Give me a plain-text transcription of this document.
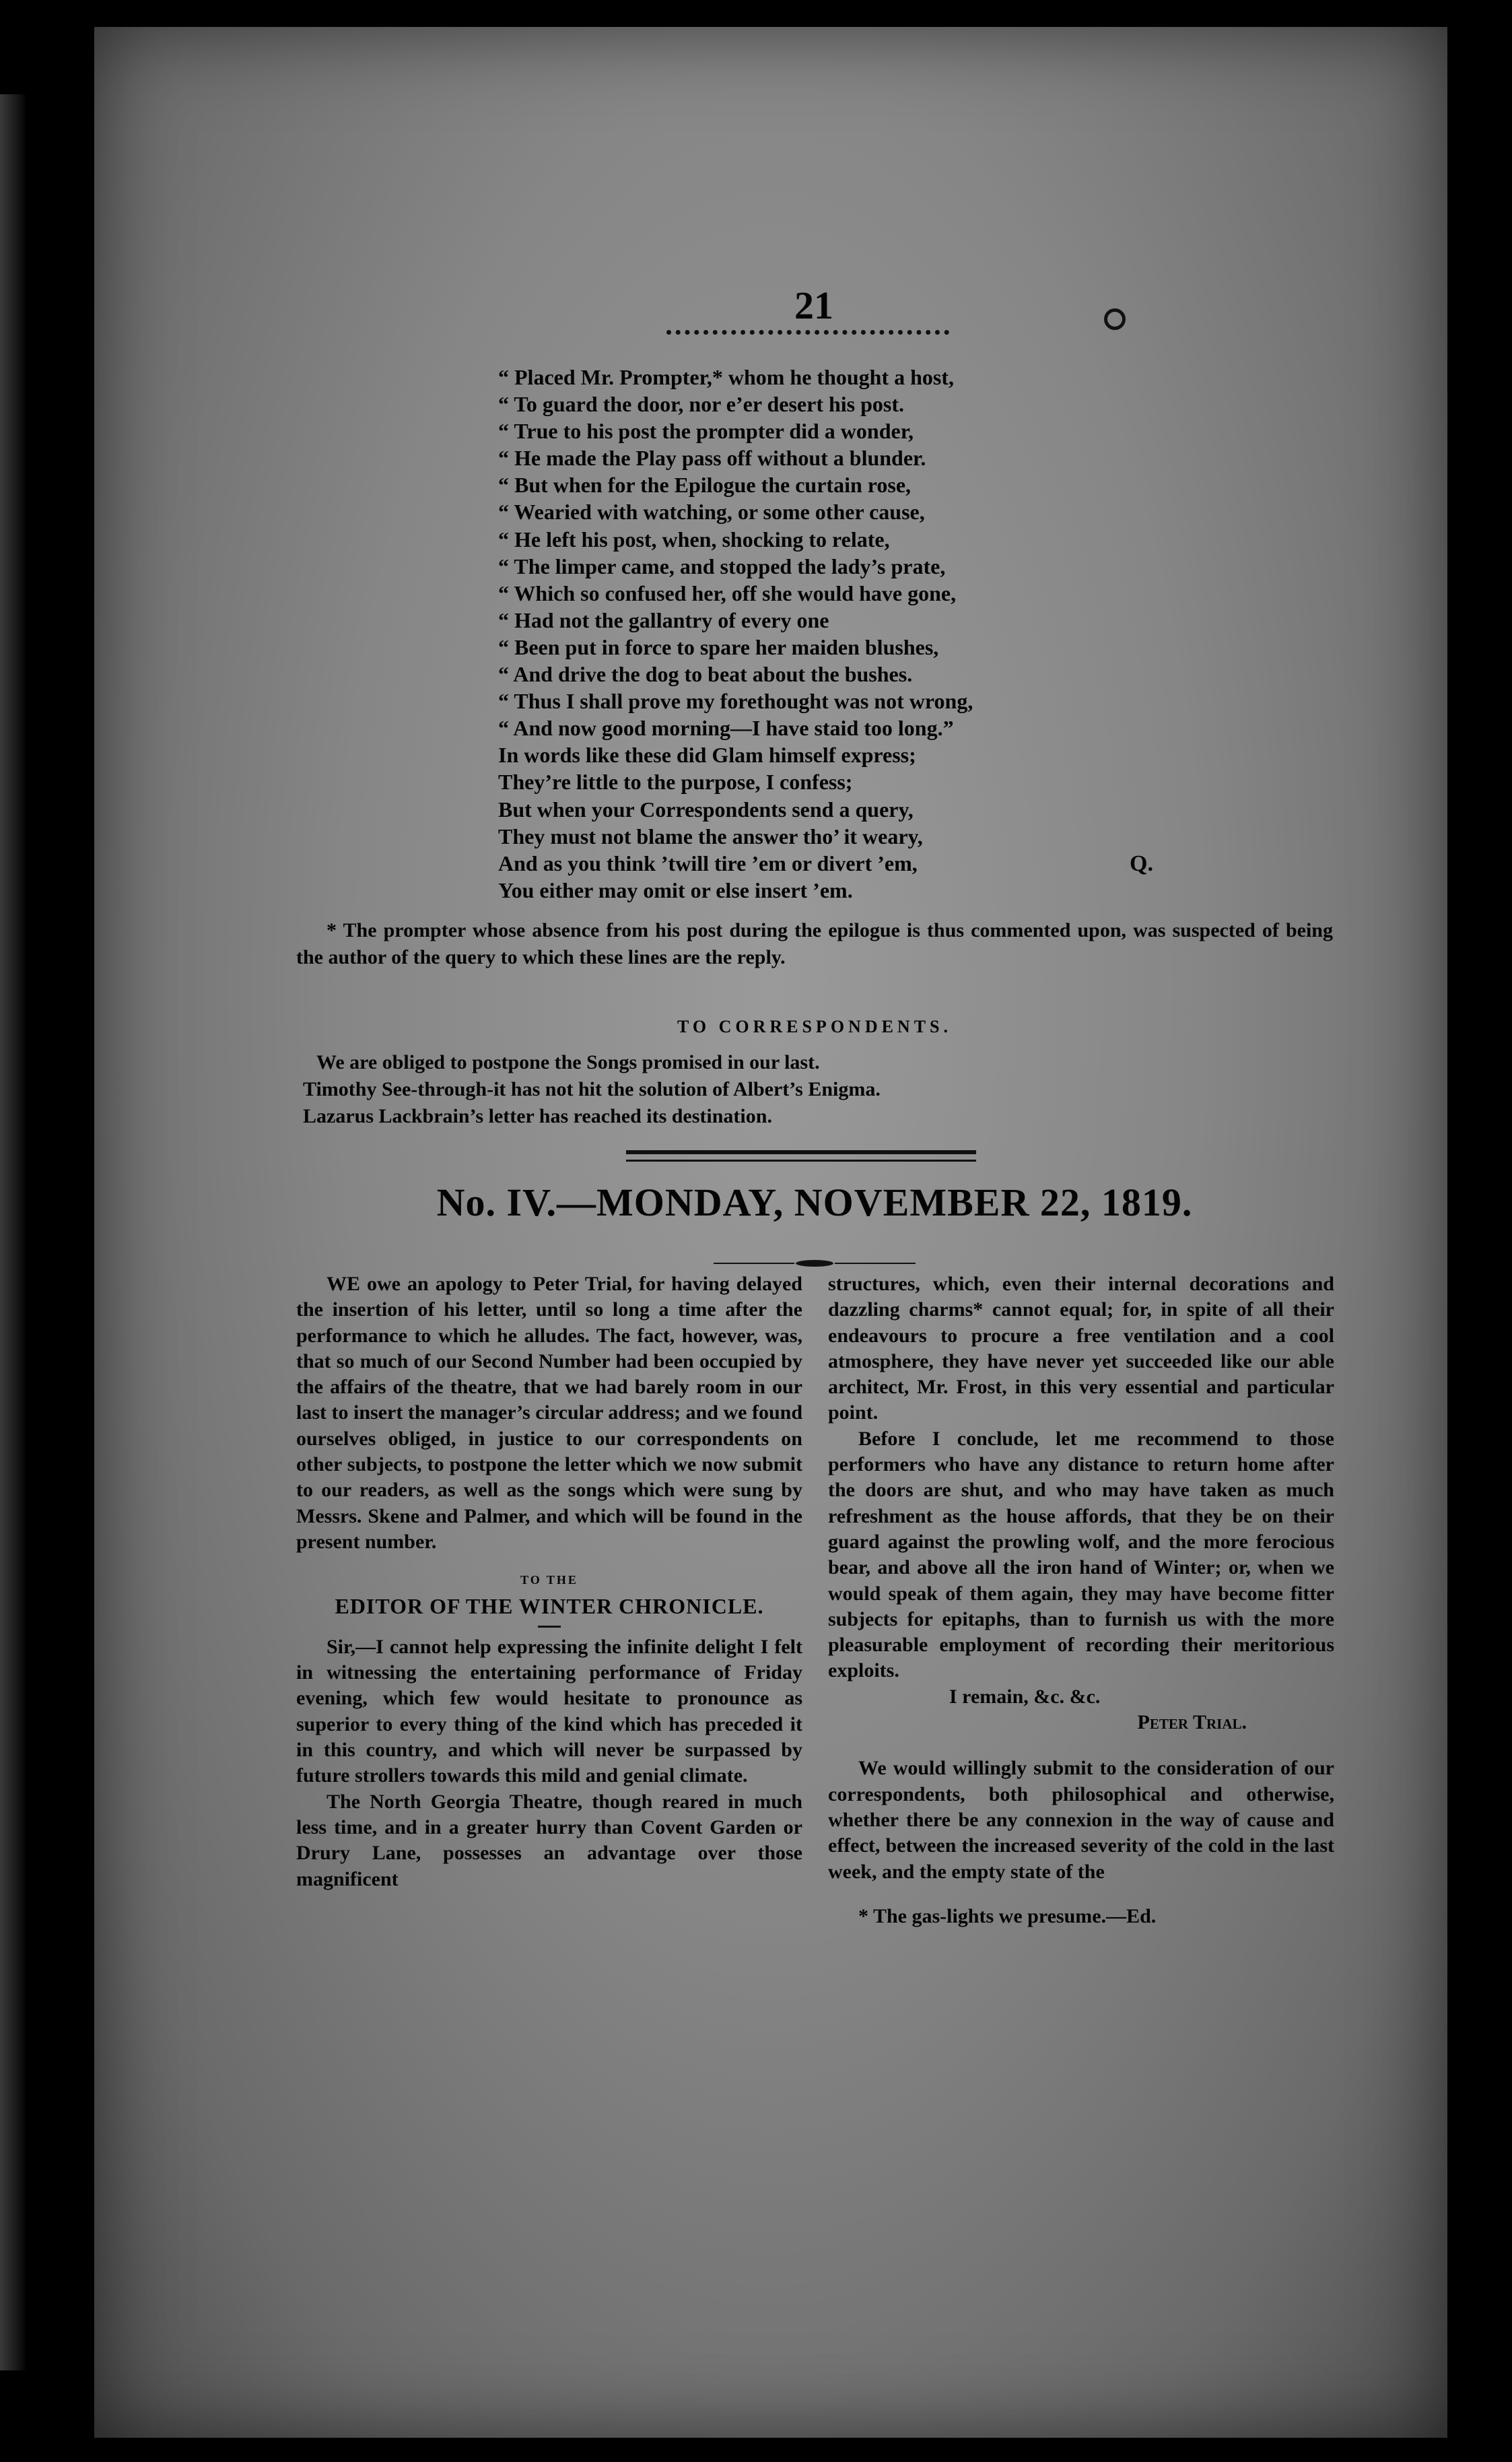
21
“ Placed Mr. Prompter,* whom he thought a host,
“ To guard the door, nor e’er desert his post.
“ True to his post the prompter did a wonder,
“ He made the Play pass off without a blunder.
“ But when for the Epilogue the curtain rose,
“ Wearied with watching, or some other cause,
“ He left his post, when, shocking to relate,
“ The limper came, and stopped the lady’s prate,
“ Which so confused her, off she would have gone,
“ Had not the gallantry of every one
“ Been put in force to spare her maiden blushes,
“ And drive the dog to beat about the bushes.
“ Thus I shall prove my forethought was not wrong,
“ And now good morning—I have staid too long.”
In words like these did Glam himself express;
They’re little to the purpose, I confess;
But when your Correspondents send a query,
They must not blame the answer tho’ it weary,
And as you think ’twill tire ’em or divert ’em,
You either may omit or else insert ’em.
Q.
* The prompter whose absence from his post during the epilogue is thus commented upon, was suspected of being the author of the query to which these lines are the reply.
TO CORRESPONDENTS.
We are obliged to postpone the Songs promised in our last.
Timothy See-through-it has not hit the solution of Albert’s Enigma.
Lazarus Lackbrain’s letter has reached its destination.
No. IV.—MONDAY, NOVEMBER 22, 1819.

WE owe an apology to Peter Trial, for having delayed the insertion of his letter, until so long a time after the performance to which he alludes. The fact, however, was, that so much of our Second Number had been occupied by the affairs of the theatre, that we had barely room in our last to insert the manager’s circular address; and we found ourselves obliged, in justice to our correspondents on other subjects, to postpone the letter which we now submit to our readers, as well as the songs which were sung by Messrs. Skene and Palmer, and which will be found in the present number.

TO THE

EDITOR OF THE WINTER CHRONICLE.

Sir,—I cannot help expressing the infinite delight I felt in witnessing the entertaining performance of Friday evening, which few would hesitate to pronounce as superior to every thing of the kind which has preceded it in this country, and which will never be surpassed by future strollers towards this mild and genial climate.

The North Georgia Theatre, though reared in much less time, and in a greater hurry than Covent Garden or Drury Lane, possesses an advantage over those magnificent

structures, which, even their internal decorations and dazzling charms* cannot equal; for, in spite of all their endeavours to procure a free ventilation and a cool atmosphere, they have never yet succeeded like our able architect, Mr. Frost, in this very essential and particular point.

Before I conclude, let me recommend to those performers who have any distance to return home after the doors are shut, and who may have taken as much refreshment as the house affords, that they be on their guard against the prowling wolf, and the more ferocious bear, and above all the iron hand of Winter; or, when we would speak of them again, they may have become fitter subjects for epitaphs, than to furnish us with the more pleasurable employment of recording their meritorious exploits.

I remain, &c. &c.

Peter Trial.

We would willingly submit to the consideration of our correspondents, both philosophical and otherwise, whether there be any connexion in the way of cause and effect, between the increased severity of the cold in the last week, and the empty state of the

* The gas-lights we presume.—Ed.
